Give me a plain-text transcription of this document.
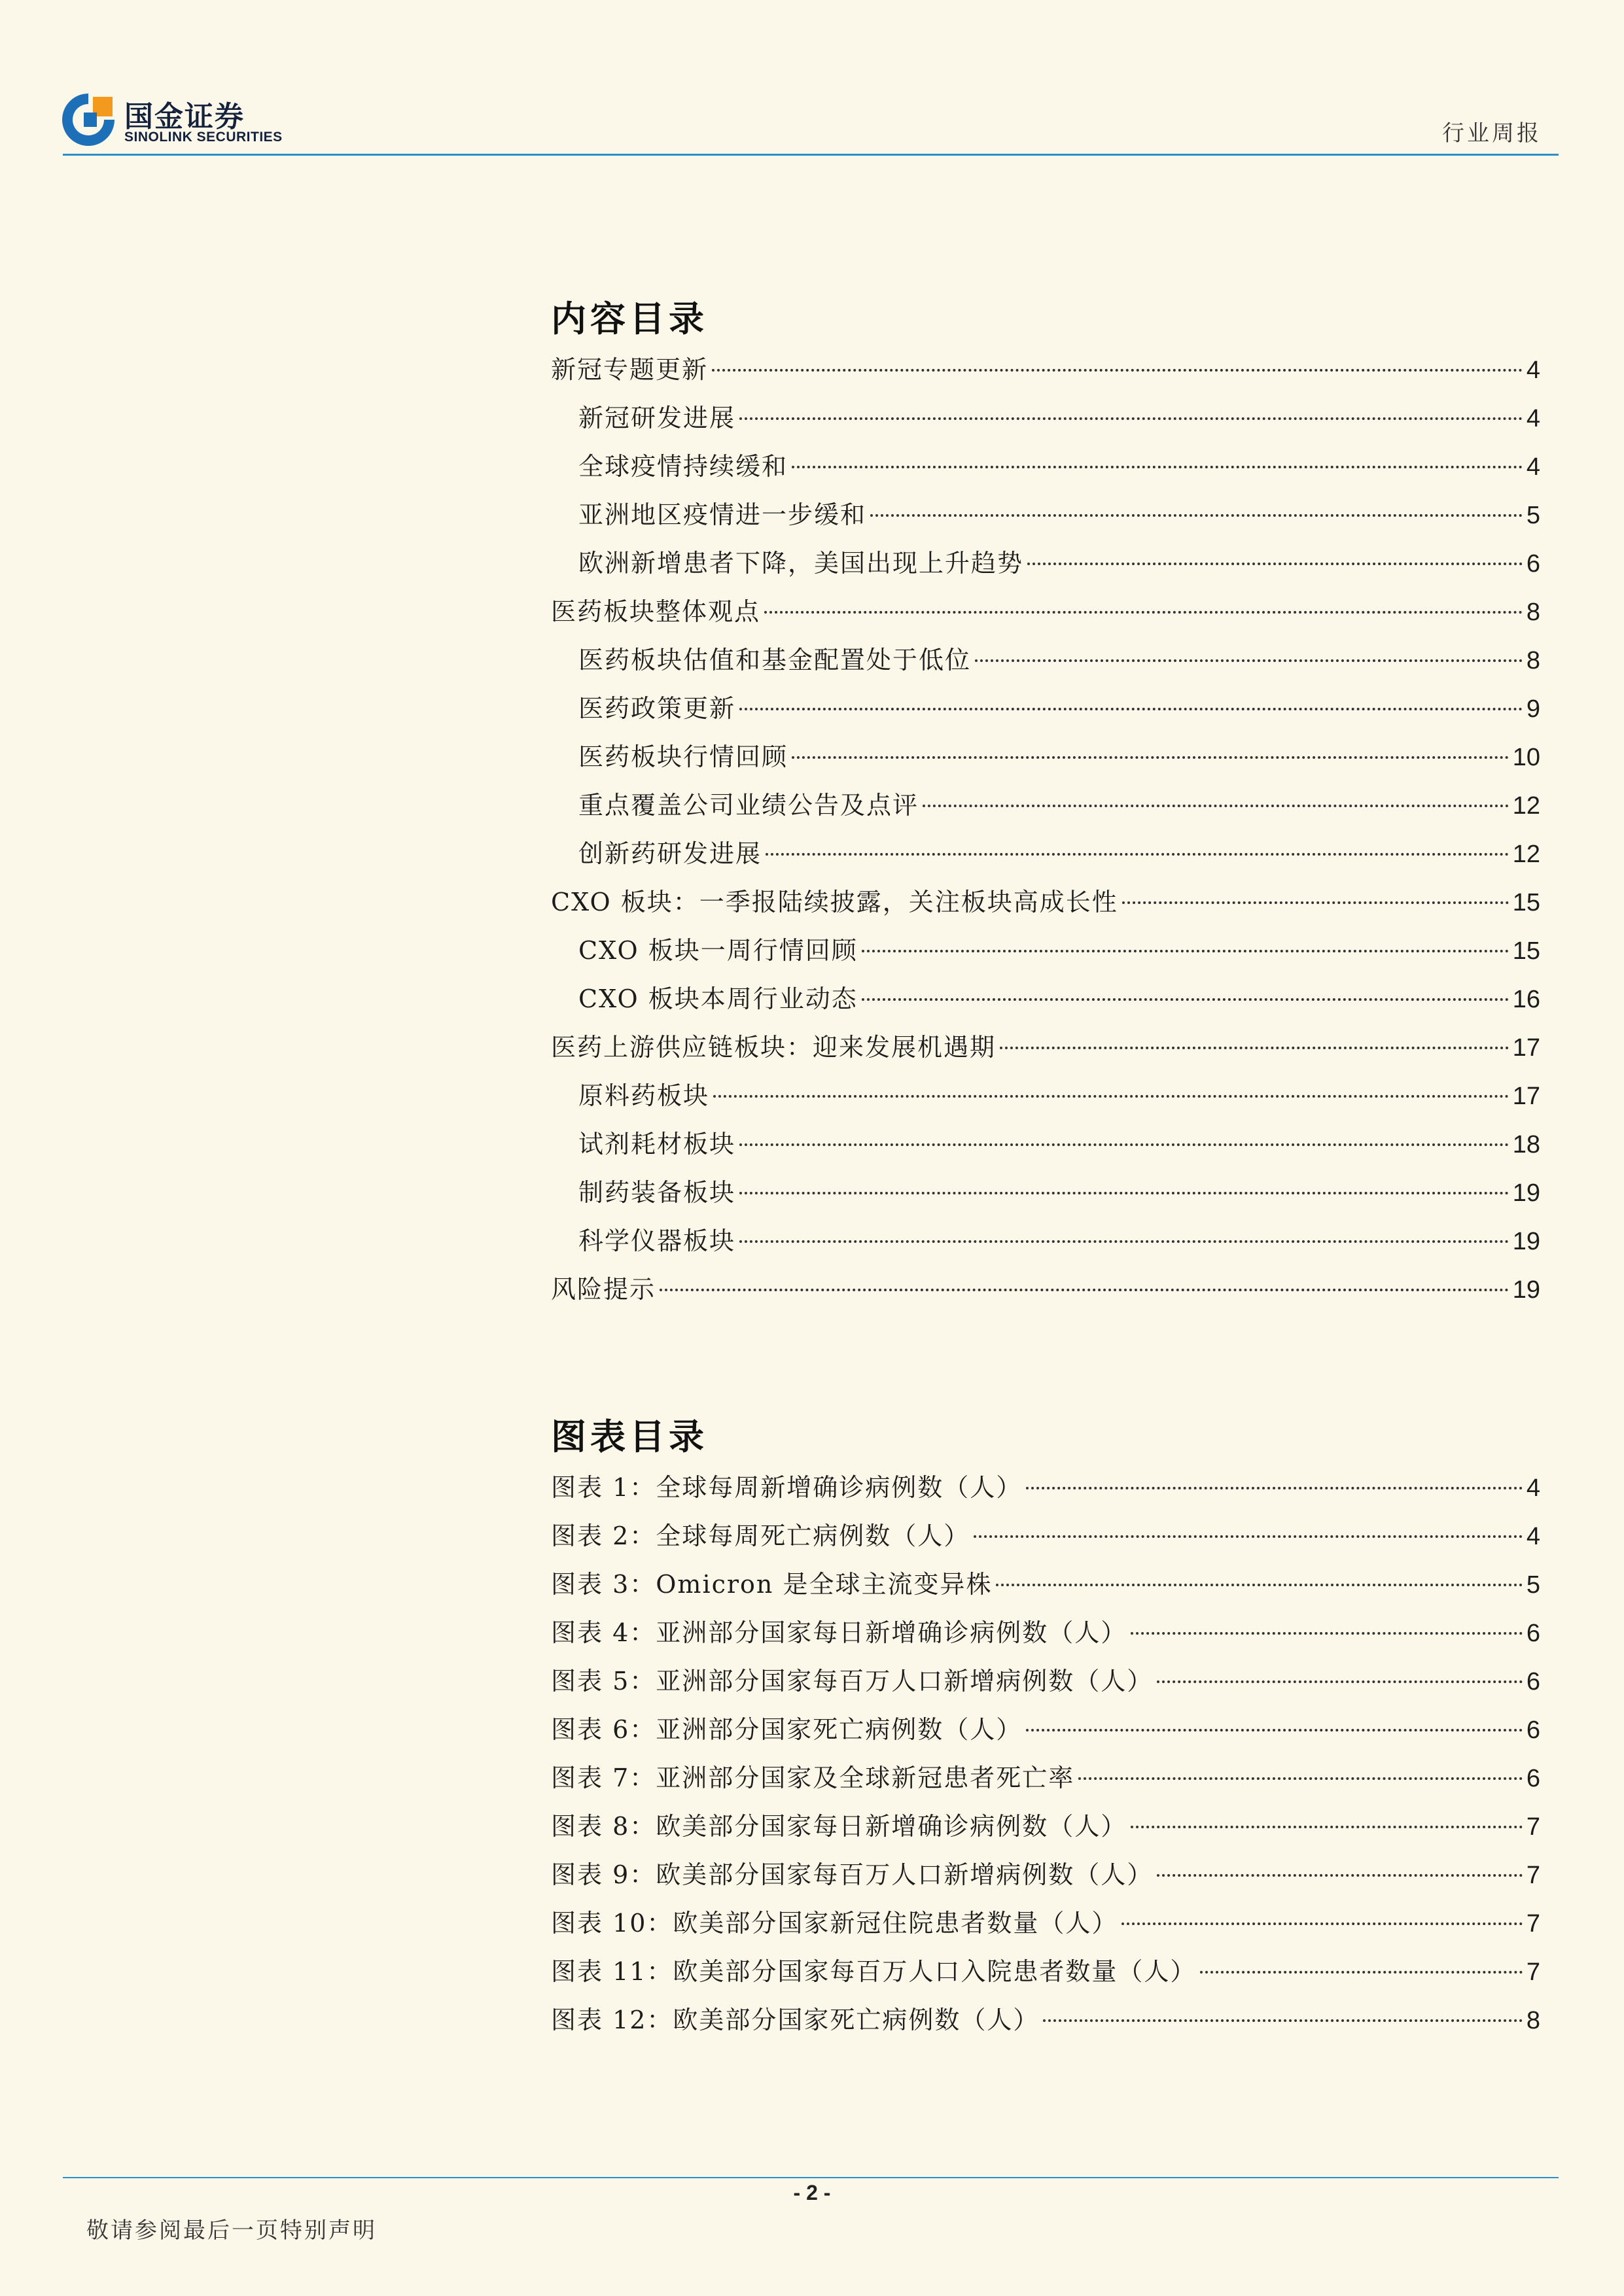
国金证券
SINOLINK SECURITIES	行业周报
内容目录
新冠专题更新	4
新冠研发进展	4
全球疫情持续缓和	4
亚洲地区疫情进一步缓和	5
欧洲新增患者下降，美国出现上升趋势	6
医药板块整体观点	8
医药板块估值和基金配置处于低位	8
医药政策更新	9
医药板块行情回顾	10
重点覆盖公司业绩公告及点评	12
创新药研发进展	12
CXO 板块：一季报陆续披露，关注板块高成长性	15
CXO 板块一周行情回顾	15
CXO 板块本周行业动态	16
医药上游供应链板块：迎来发展机遇期	17
原料药板块	17
试剂耗材板块	18
制药装备板块	19
科学仪器板块	19
风险提示	19
图表目录
图表 1：全球每周新增确诊病例数（人）	4
图表 2：全球每周死亡病例数（人）	4
图表 3：Omicron 是全球主流变异株	5
图表 4：亚洲部分国家每日新增确诊病例数（人）	6
图表 5：亚洲部分国家每百万人口新增病例数（人）	6
图表 6：亚洲部分国家死亡病例数（人）	6
图表 7：亚洲部分国家及全球新冠患者死亡率	6
图表 8：欧美部分国家每日新增确诊病例数（人）	7
图表 9：欧美部分国家每百万人口新增病例数（人）	7
图表 10：欧美部分国家新冠住院患者数量（人）	7
图表 11：欧美部分国家每百万人口入院患者数量（人）	7
图表 12：欧美部分国家死亡病例数（人）	8
- 2 -
敬请参阅最后一页特别声明
